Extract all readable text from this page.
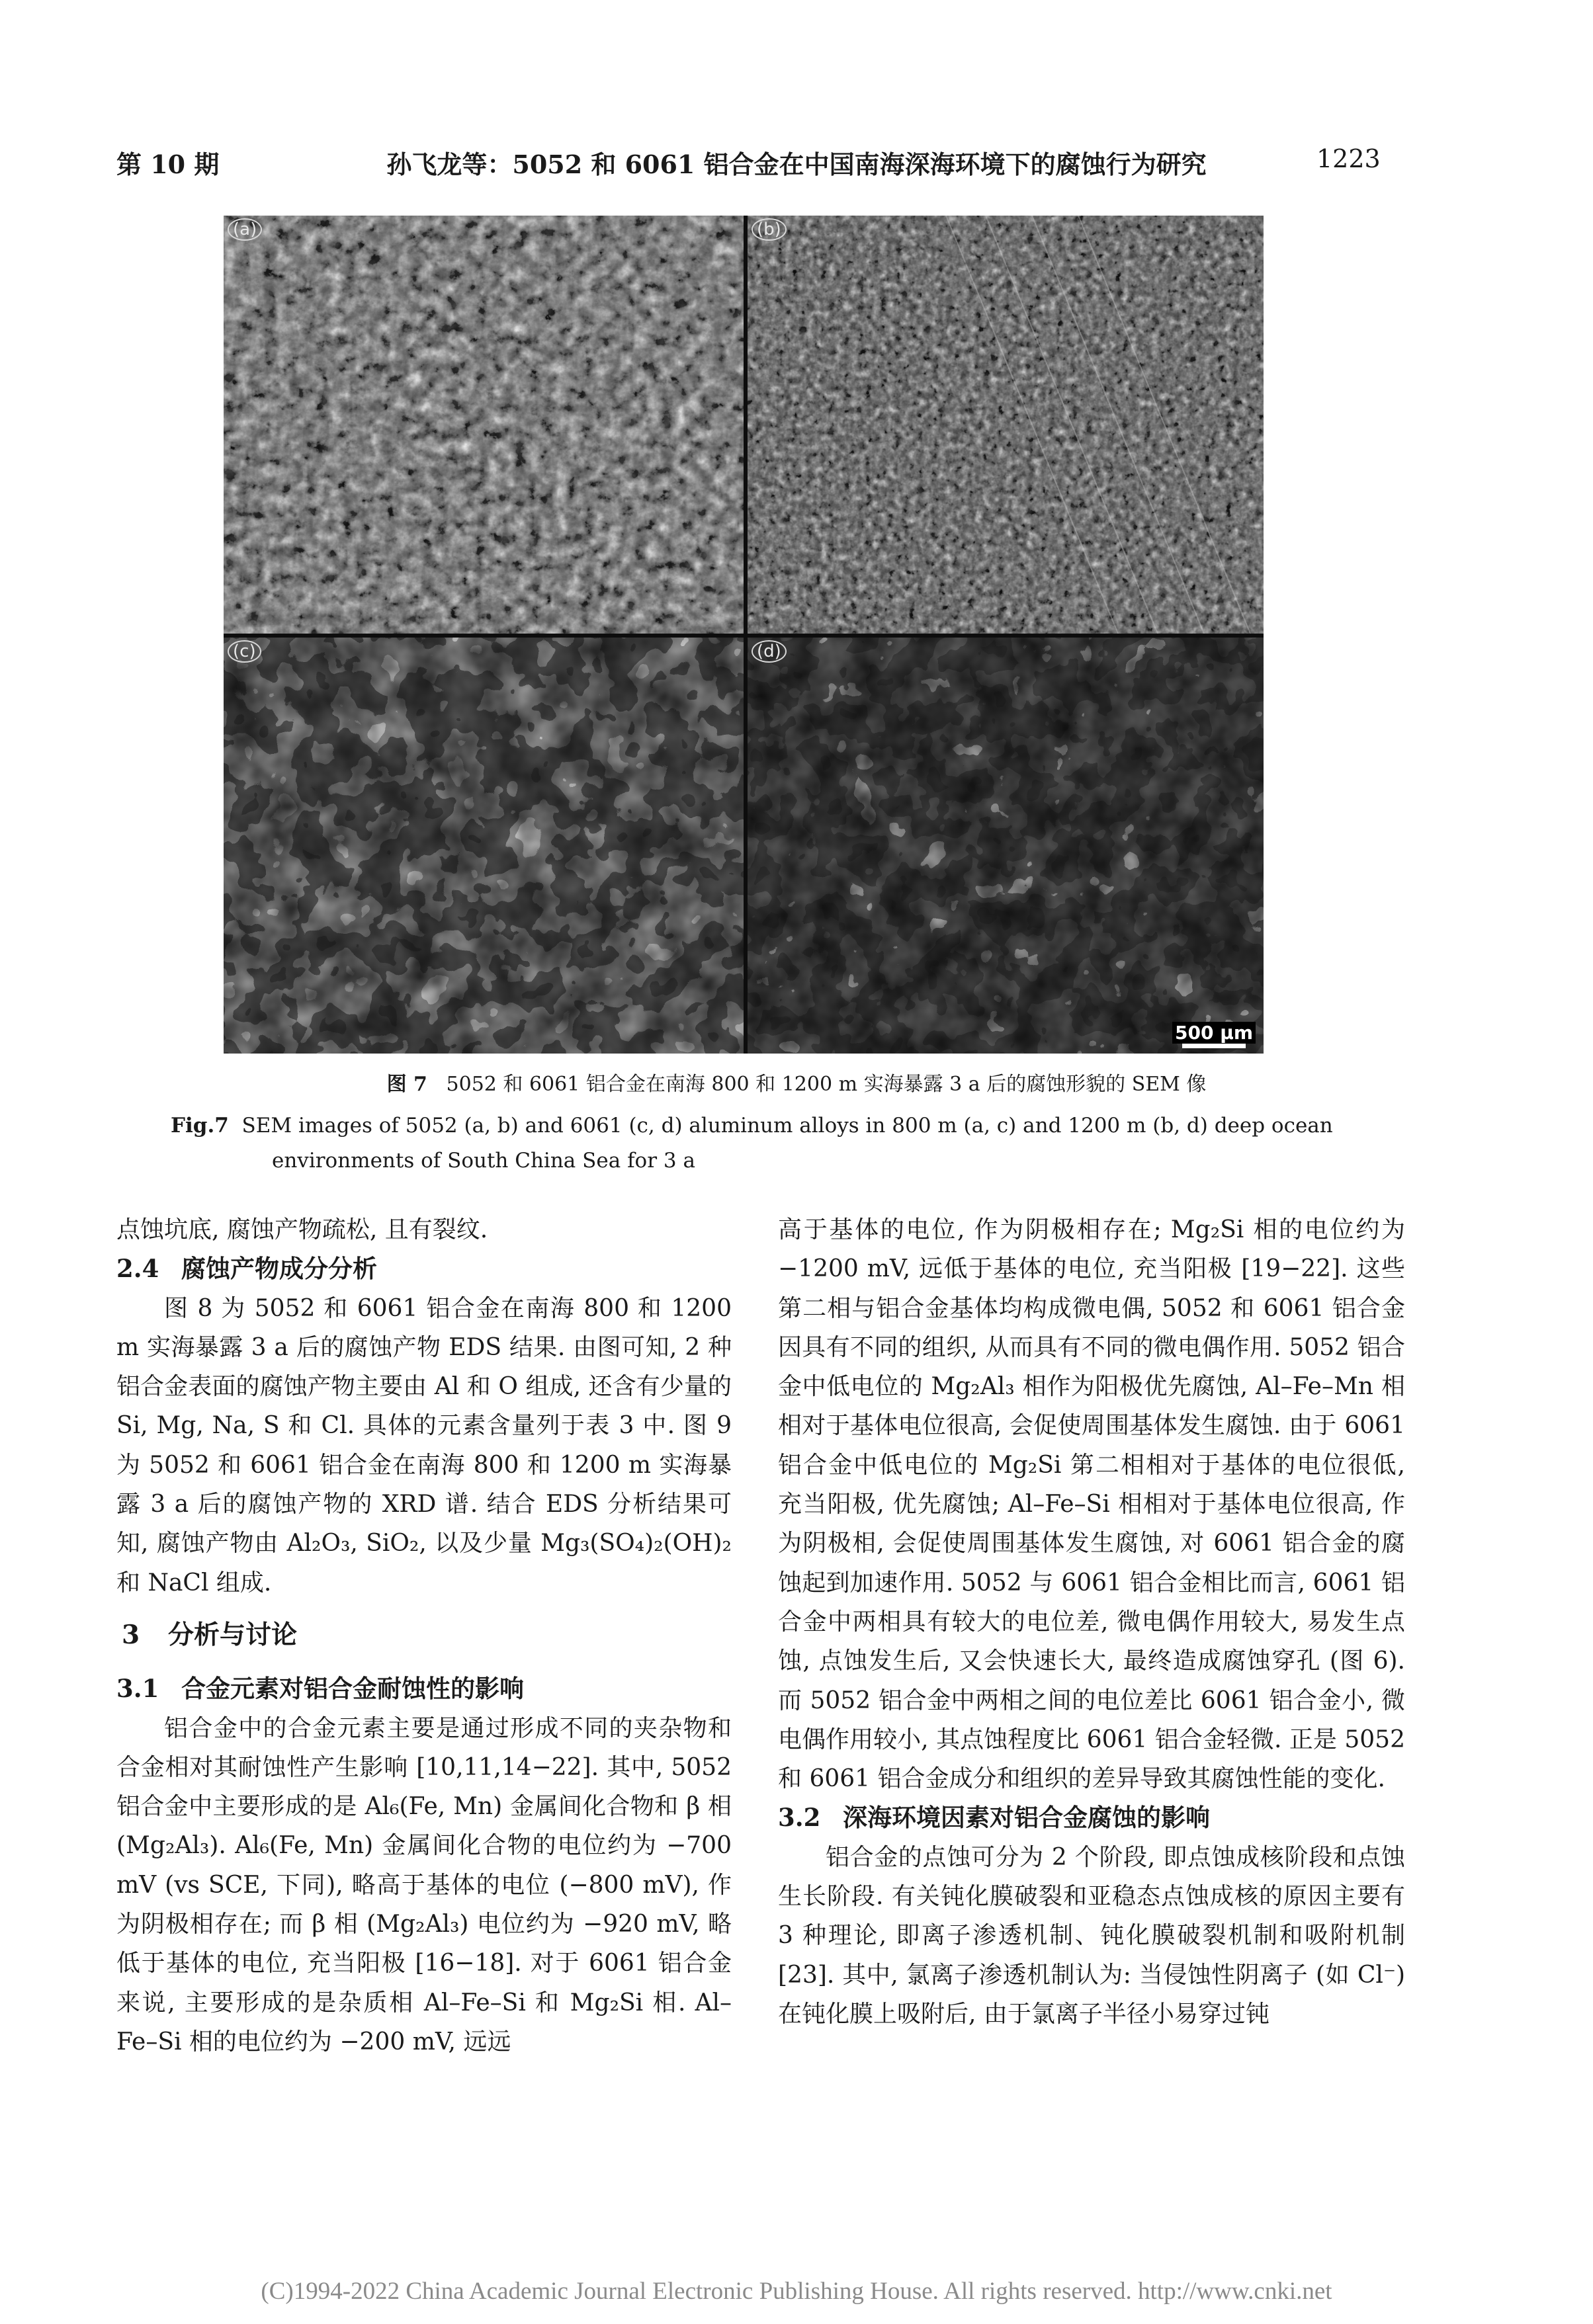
第 10 期	孙飞龙等：5052 和 6061 铝合金在中国南海深海环境下的腐蚀行为研究	1223
(a)	(b)
(c)	(d)
500 μm
图 7 5052 和 6061 铝合金在南海 800 和 1200 m 实海暴露 3 a 后的腐蚀形貌的 SEM 像
Fig.7 SEM images of 5052 (a, b) and 6061 (c, d) aluminum alloys in 800 m (a, c) and 1200 m (b, d) deep ocean
environments of South China Sea for 3 a

点蚀坑底, 腐蚀产物疏松, 且有裂纹.

2.4 腐蚀产物成分分析

图 8 为 5052 和 6061 铝合金在南海 800 和 1200 m 实海暴露 3 a 后的腐蚀产物 EDS 结果. 由图可知, 2 种铝合金表面的腐蚀产物主要由 Al 和 O 组成, 还含有少量的 Si, Mg, Na, S 和 Cl. 具体的元素含量列于表 3 中. 图 9 为 5052 和 6061 铝合金在南海 800 和 1200 m 实海暴露 3 a 后的腐蚀产物的 XRD 谱. 结合 EDS 分析结果可知, 腐蚀产物由 Al₂O₃, SiO₂, 以及少量 Mg₃(SO₄)₂(OH)₂ 和 NaCl 组成.

3 分析与讨论
3.1 合金元素对铝合金耐蚀性的影响

铝合金中的合金元素主要是通过形成不同的夹杂物和合金相对其耐蚀性产生影响 [10,11,14−22]. 其中, 5052 铝合金中主要形成的是 Al₆(Fe, Mn) 金属间化合物和 β 相 (Mg₂Al₃). Al₆(Fe, Mn) 金属间化合物的电位约为 −700 mV (vs SCE, 下同), 略高于基体的电位 (−800 mV), 作为阴极相存在; 而 β 相 (Mg₂Al₃) 电位约为 −920 mV, 略低于基体的电位, 充当阳极 [16−18]. 对于 6061 铝合金来说, 主要形成的是杂质相 Al–Fe–Si 和 Mg₂Si 相. Al–Fe–Si 相的电位约为 −200 mV, 远远

高于基体的电位, 作为阴极相存在; Mg₂Si 相的电位约为 −1200 mV, 远低于基体的电位, 充当阳极 [19−22]. 这些第二相与铝合金基体均构成微电偶, 5052 和 6061 铝合金因具有不同的组织, 从而具有不同的微电偶作用. 5052 铝合金中低电位的 Mg₂Al₃ 相作为阳极优先腐蚀, Al–Fe–Mn 相相对于基体电位很高, 会促使周围基体发生腐蚀. 由于 6061 铝合金中低电位的 Mg₂Si 第二相相对于基体的电位很低, 充当阳极, 优先腐蚀; Al–Fe–Si 相相对于基体电位很高, 作为阴极相, 会促使周围基体发生腐蚀, 对 6061 铝合金的腐蚀起到加速作用. 5052 与 6061 铝合金相比而言, 6061 铝合金中两相具有较大的电位差, 微电偶作用较大, 易发生点蚀, 点蚀发生后, 又会快速长大, 最终造成腐蚀穿孔 (图 6). 而 5052 铝合金中两相之间的电位差比 6061 铝合金小, 微电偶作用较小, 其点蚀程度比 6061 铝合金轻微. 正是 5052 和 6061 铝合金成分和组织的差异导致其腐蚀性能的变化.

3.2 深海环境因素对铝合金腐蚀的影响

铝合金的点蚀可分为 2 个阶段, 即点蚀成核阶段和点蚀生长阶段. 有关钝化膜破裂和亚稳态点蚀成核的原因主要有 3 种理论, 即离子渗透机制、钝化膜破裂机制和吸附机制 [23]. 其中, 氯离子渗透机制认为: 当侵蚀性阴离子 (如 Cl⁻) 在钝化膜上吸附后, 由于氯离子半径小易穿过钝

(C)1994-2022 China Academic Journal Electronic Publishing House. All rights reserved. http://www.cnki.net
